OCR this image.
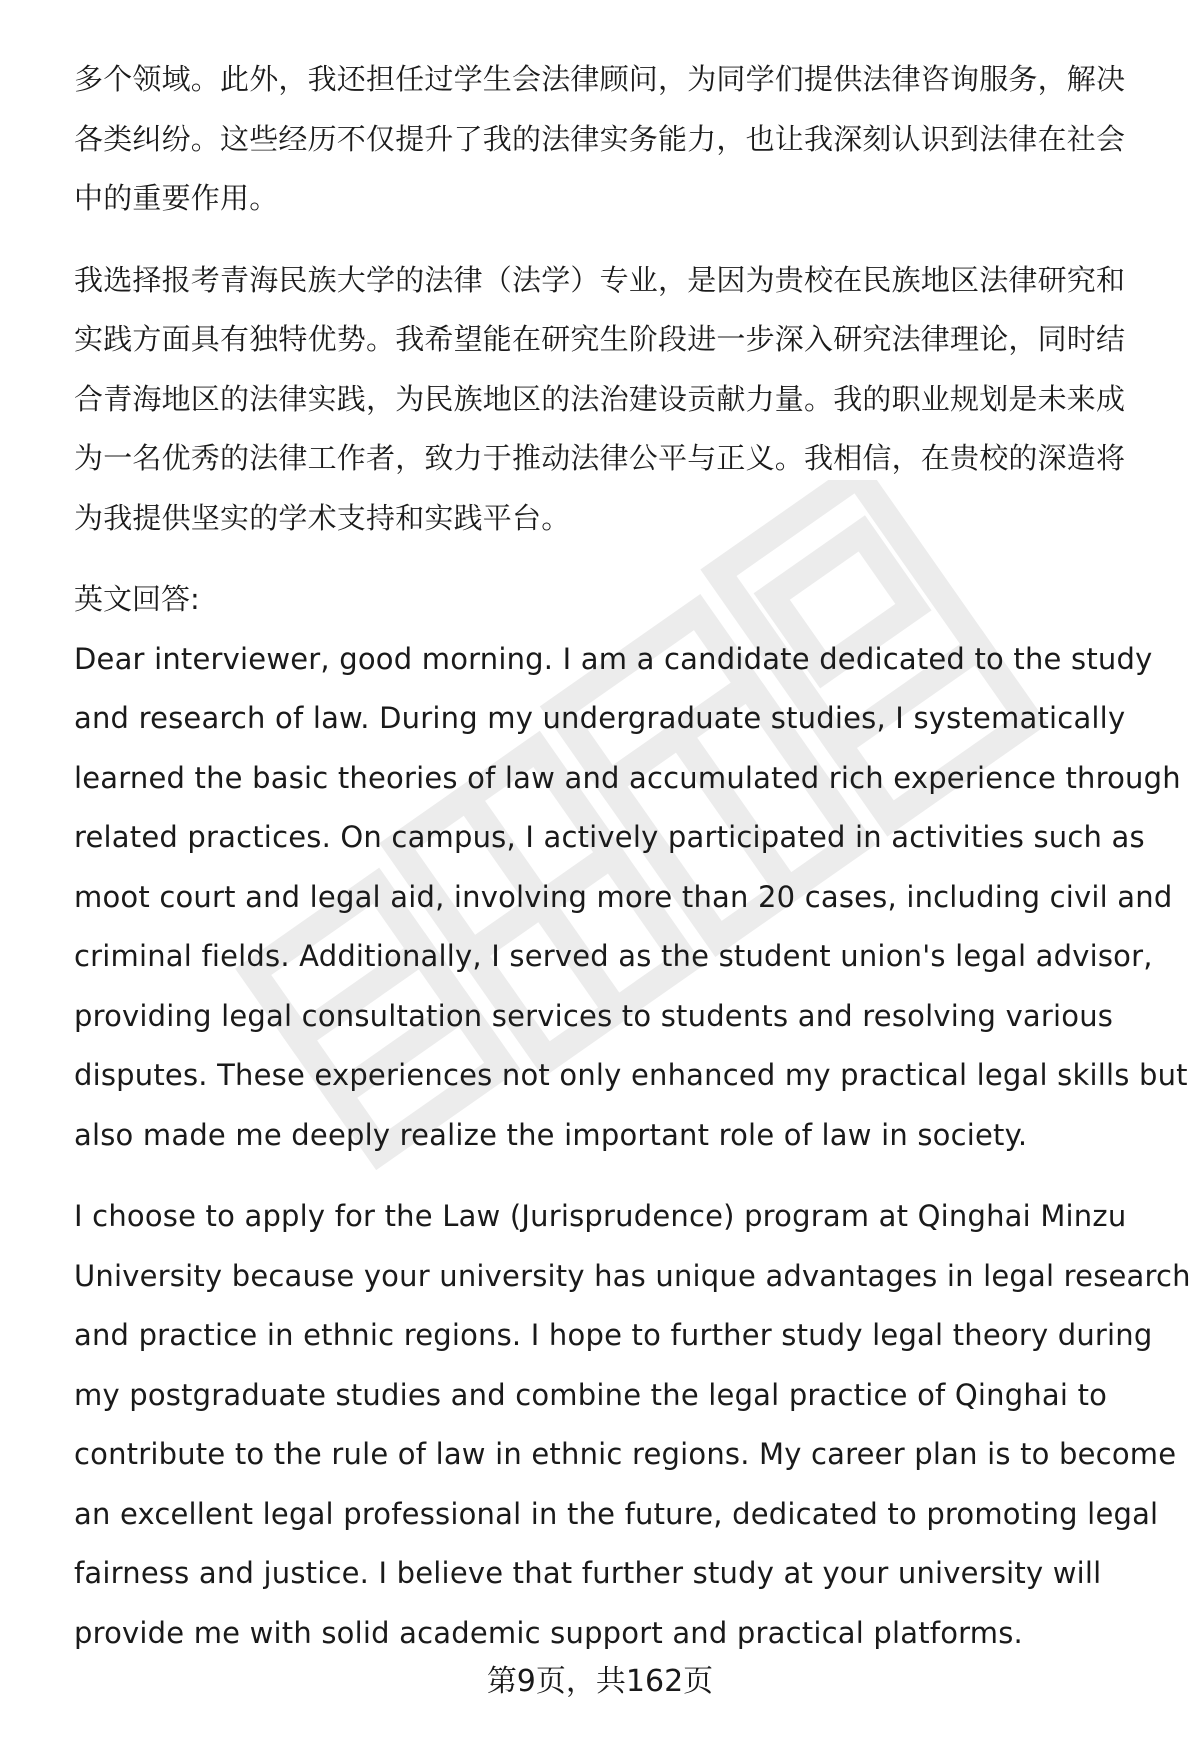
多个领域。此外，我还担任过学生会法律顾问，为同学们提供法律咨询服务，解决
各类纠纷。这些经历不仅提升了我的法律实务能力，也让我深刻认识到法律在社会
中的重要作用。
我选择报考青海民族大学的法律（法学）专业，是因为贵校在民族地区法律研究和
实践方面具有独特优势。我希望能在研究生阶段进一步深入研究法律理论，同时结
合青海地区的法律实践，为民族地区的法治建设贡献力量。我的职业规划是未来成
为一名优秀的法律工作者，致力于推动法律公平与正义。我相信，在贵校的深造将
为我提供坚实的学术支持和实践平台。
英文回答:
Dear interviewer, good morning. I am a candidate dedicated to the study
and research of law. During my undergraduate studies, I systematically
learned the basic theories of law and accumulated rich experience through
related practices. On campus, I actively participated in activities such as
moot court and legal aid, involving more than 20 cases, including civil and
criminal fields. Additionally, I served as the student union's legal advisor,
providing legal consultation services to students and resolving various
disputes. These experiences not only enhanced my practical legal skills but
also made me deeply realize the important role of law in society.
I choose to apply for the Law (Jurisprudence) program at Qinghai Minzu
University because your university has unique advantages in legal research
and practice in ethnic regions. I hope to further study legal theory during
my postgraduate studies and combine the legal practice of Qinghai to
contribute to the rule of law in ethnic regions. My career plan is to become
an excellent legal professional in the future, dedicated to promoting legal
fairness and justice. I believe that further study at your university will
provide me with solid academic support and practical platforms.
第9页，共162页
